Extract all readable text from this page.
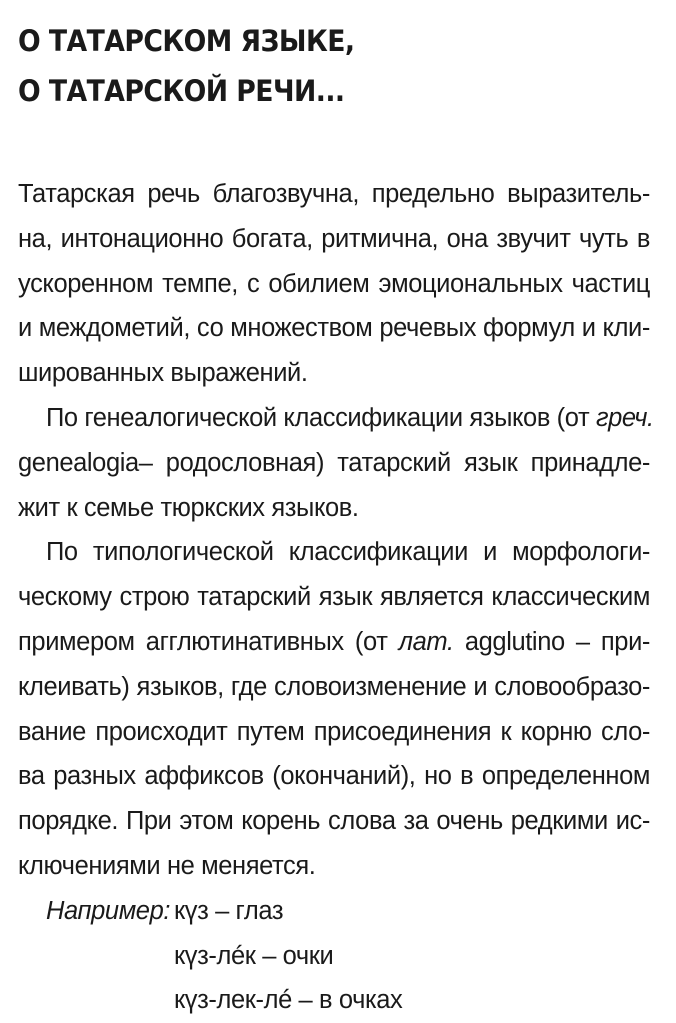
О ТАТАРСКОМ ЯЗЫКЕ,
О ТАТАРСКОЙ РЕЧИ...
Татарская речь благозвучна, предельно выразитель-
на, интонационно богата, ритмична, она звучит чуть в
ускоренном темпе, с обилием эмоциональных частиц
и междометий, со множеством речевых формул и кли-
шированных выражений.
По генеалогической классификации языков (от греч.
genealogia– родословная) татарский язык принадле-
жит к семье тюркских языков.
По типологической классификации и морфологи-
ческому строю татарский язык является классическим
примером агглютинативных (от лат. agglutino – при-
клеивать) языков, где словоизменение и словообразо-
вание происходит путем присоединения к корню сло-
ва разных аффиксов (окончаний), но в определенном
порядке. При этом корень слова за очень редкими ис-
ключениями не меняется.
Например: күз – глаз
күз-лéк – очки
күз-лек-лé – в очках
